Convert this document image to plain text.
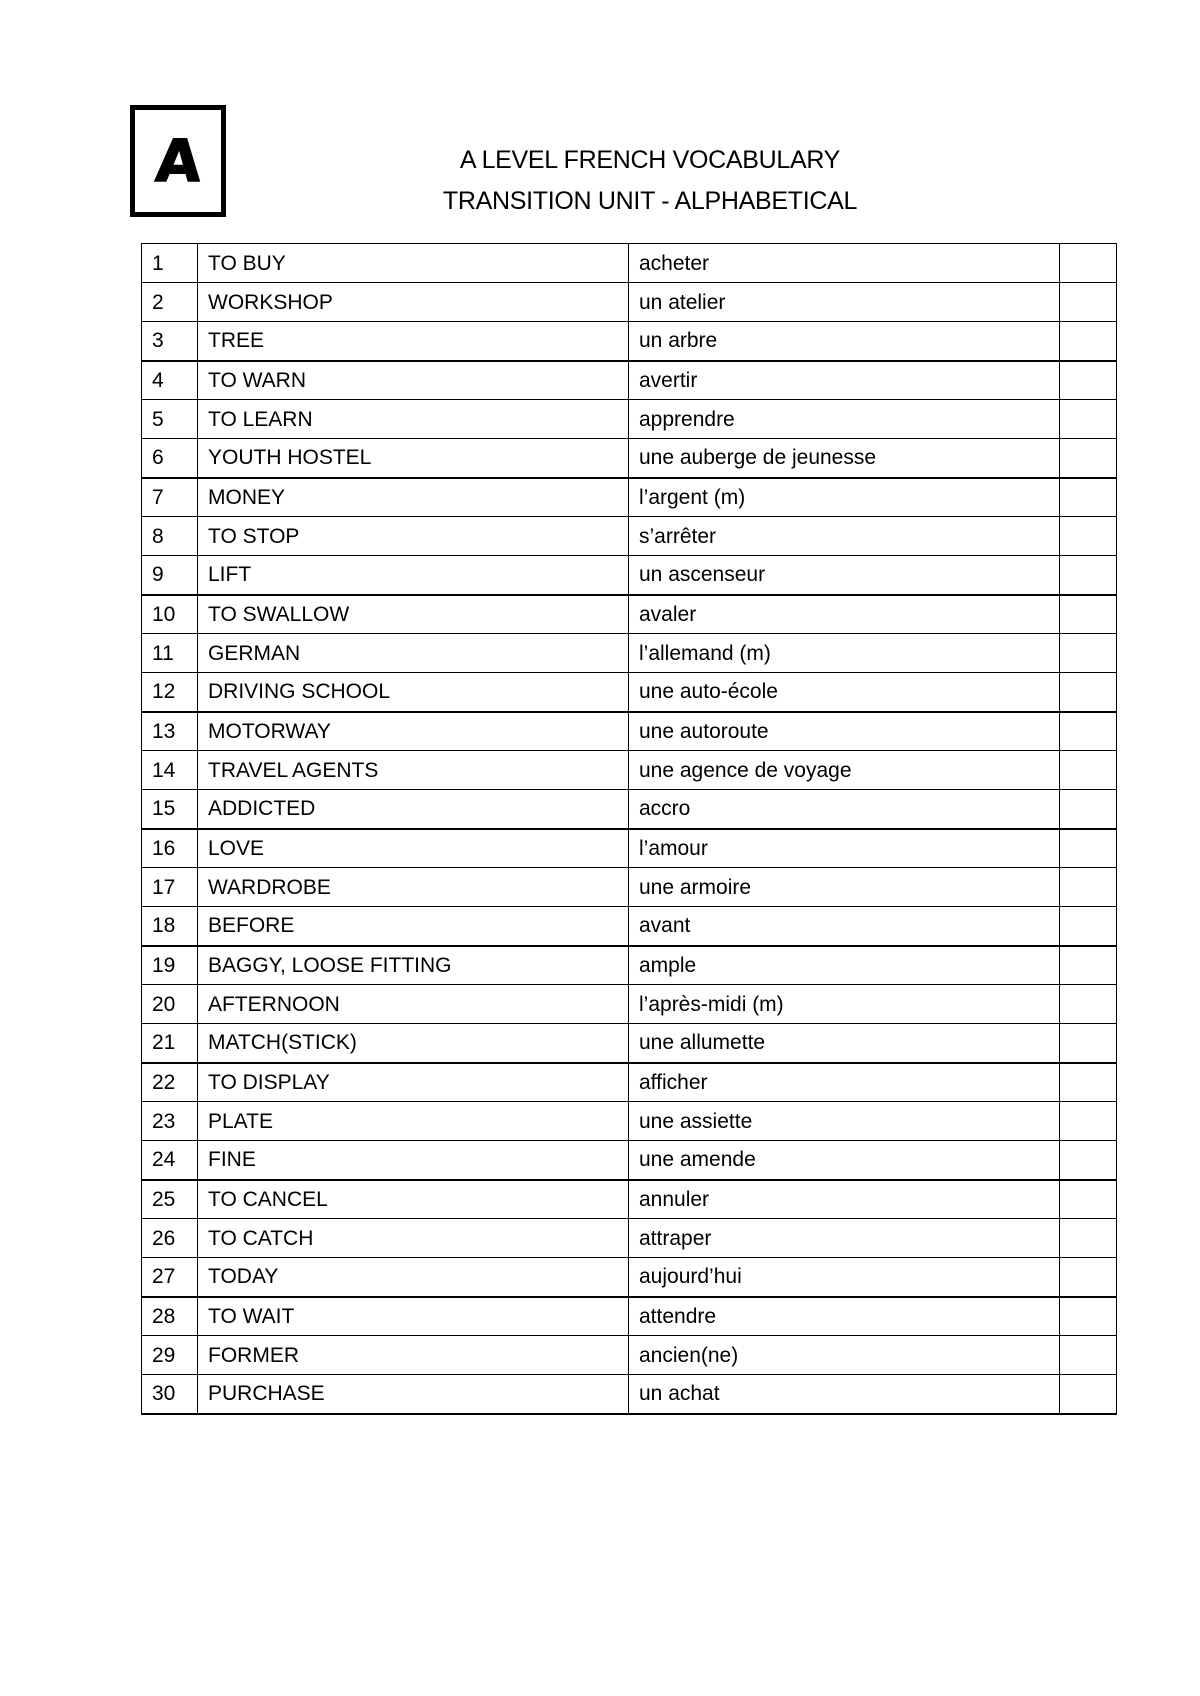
A	A LEVEL FRENCH VOCABULARY
TRANSITION UNIT - ALPHABETICAL
1	TO BUY	acheter	
2	WORKSHOP	un atelier	
3	TREE	un arbre	
4	TO WARN	avertir	
5	TO LEARN	apprendre	
6	YOUTH HOSTEL	une auberge de jeunesse	
7	MONEY	l’argent (m)	
8	TO STOP	s’arrêter	
9	LIFT	un ascenseur	
10	TO SWALLOW	avaler	
11	GERMAN	l’allemand (m)	
12	DRIVING SCHOOL	une auto-école	
13	MOTORWAY	une autoroute	
14	TRAVEL AGENTS	une agence de voyage	
15	ADDICTED	accro	
16	LOVE	l’amour	
17	WARDROBE	une armoire	
18	BEFORE	avant	
19	BAGGY, LOOSE FITTING	ample	
20	AFTERNOON	l’après-midi (m)	
21	MATCH(STICK)	une allumette	
22	TO DISPLAY	afficher	
23	PLATE	une assiette	
24	FINE	une amende	
25	TO CANCEL	annuler	
26	TO CATCH	attraper	
27	TODAY	aujourd’hui	
28	TO WAIT	attendre	
29	FORMER	ancien(ne)	
30	PURCHASE	un achat	
